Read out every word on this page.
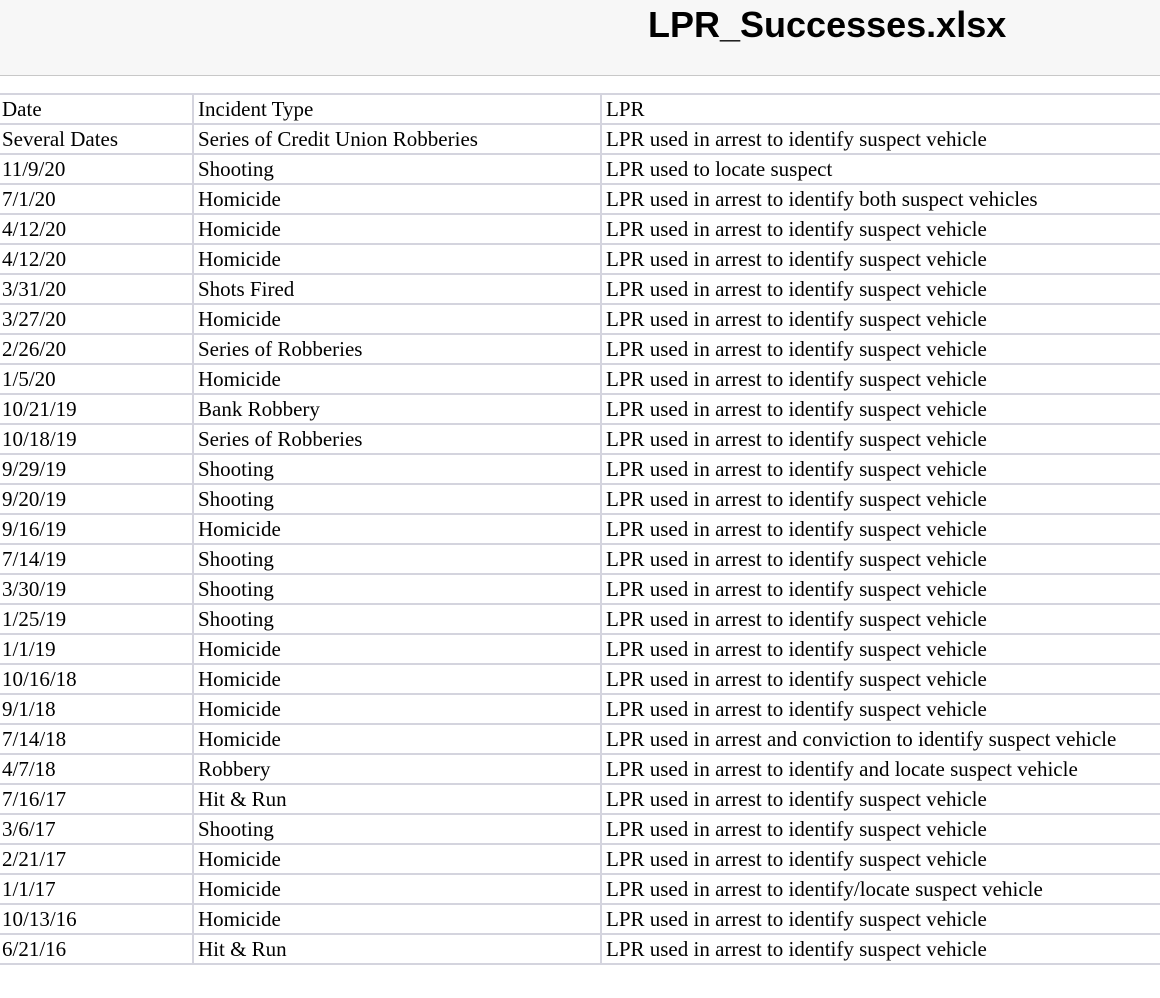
LPR_Successes.xlsx
Date	Incident Type	LPR
Several Dates	Series of Credit Union Robberies	LPR used in arrest to identify suspect vehicle
11/9/20	Shooting	LPR used to locate suspect
7/1/20	Homicide	LPR used in arrest to identify both suspect vehicles
4/12/20	Homicide	LPR used in arrest to identify suspect vehicle
4/12/20	Homicide	LPR used in arrest to identify suspect vehicle
3/31/20	Shots Fired	LPR used in arrest to identify suspect vehicle
3/27/20	Homicide	LPR used in arrest to identify suspect vehicle
2/26/20	Series of Robberies	LPR used in arrest to identify suspect vehicle
1/5/20	Homicide	LPR used in arrest to identify suspect vehicle
10/21/19	Bank Robbery	LPR used in arrest to identify suspect vehicle
10/18/19	Series of Robberies	LPR used in arrest to identify suspect vehicle
9/29/19	Shooting	LPR used in arrest to identify suspect vehicle
9/20/19	Shooting	LPR used in arrest to identify suspect vehicle
9/16/19	Homicide	LPR used in arrest to identify suspect vehicle
7/14/19	Shooting	LPR used in arrest to identify suspect vehicle
3/30/19	Shooting	LPR used in arrest to identify suspect vehicle
1/25/19	Shooting	LPR used in arrest to identify suspect vehicle
1/1/19	Homicide	LPR used in arrest to identify suspect vehicle
10/16/18	Homicide	LPR used in arrest to identify suspect vehicle
9/1/18	Homicide	LPR used in arrest to identify suspect vehicle
7/14/18	Homicide	LPR used in arrest and conviction to identify suspect vehicle
4/7/18	Robbery	LPR used in arrest to identify and locate suspect vehicle
7/16/17	Hit & Run	LPR used in arrest to identify suspect vehicle
3/6/17	Shooting	LPR used in arrest to identify suspect vehicle
2/21/17	Homicide	LPR used in arrest to identify suspect vehicle
1/1/17	Homicide	LPR used in arrest to identify/locate suspect vehicle
10/13/16	Homicide	LPR used in arrest to identify suspect vehicle
6/21/16	Hit & Run	LPR used in arrest to identify suspect vehicle
